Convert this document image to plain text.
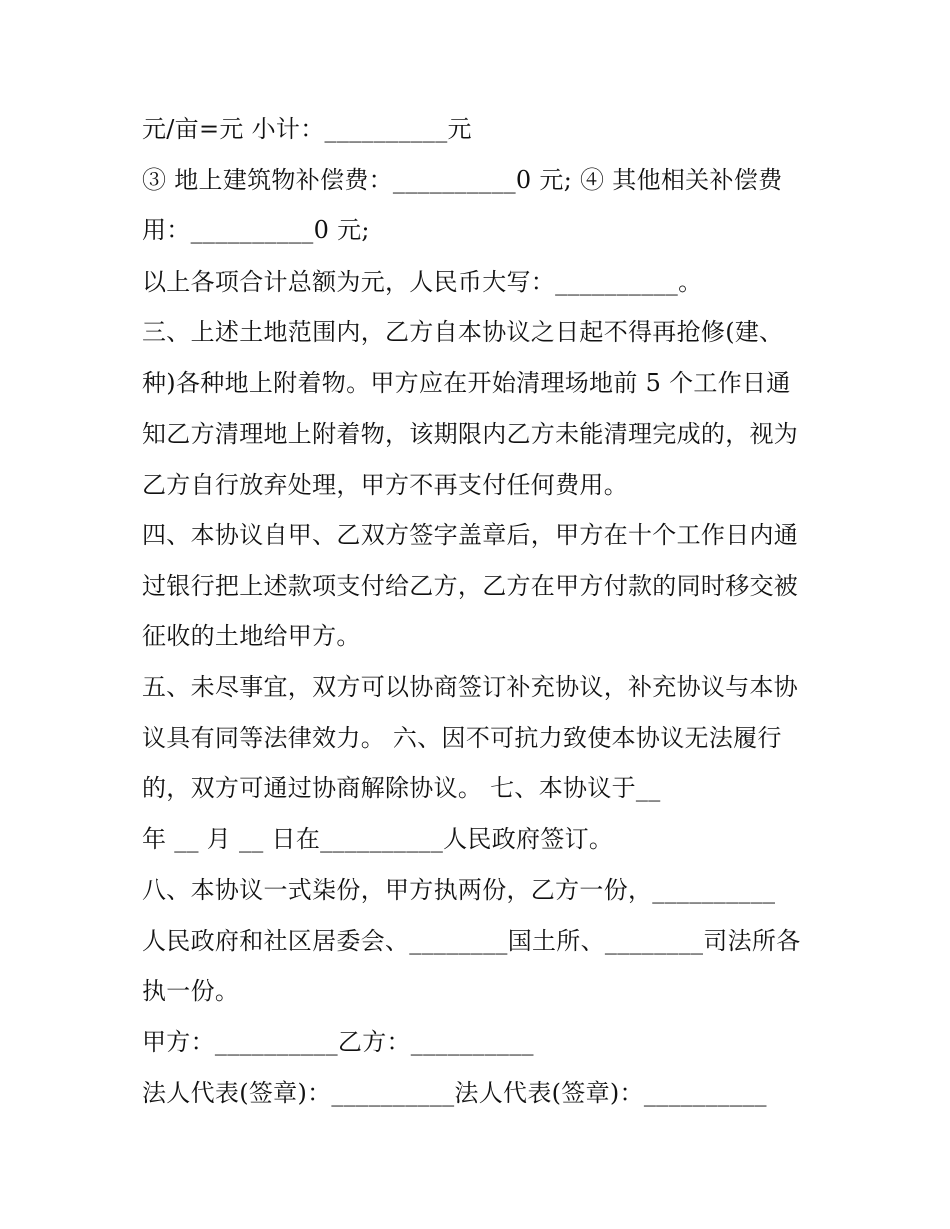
元/亩=元 小计：__________元
③ 地上建筑物补偿费：__________0 元; ④ 其他相关补偿费
用：__________0 元;
以上各项合计总额为元，人民币大写：__________。
三、上述土地范围内，乙方自本协议之日起不得再抢修(建、
种)各种地上附着物。甲方应在开始清理场地前 5 个工作日通
知乙方清理地上附着物，该期限内乙方未能清理完成的，视为
乙方自行放弃处理，甲方不再支付任何费用。
四、本协议自甲、乙双方签字盖章后，甲方在十个工作日内通
过银行把上述款项支付给乙方，乙方在甲方付款的同时移交被
征收的土地给甲方。
五、未尽事宜，双方可以协商签订补充协议，补充协议与本协
议具有同等法律效力。 六、因不可抗力致使本协议无法履行
的，双方可通过协商解除协议。 七、本协议于__
年 __ 月 __ 日在__________人民政府签订。
八、本协议一式柒份，甲方执两份，乙方一份，__________
人民政府和社区居委会、________国土所、________司法所各
执一份。
甲方：__________乙方：__________
法人代表(签章)：__________法人代表(签章)：__________
